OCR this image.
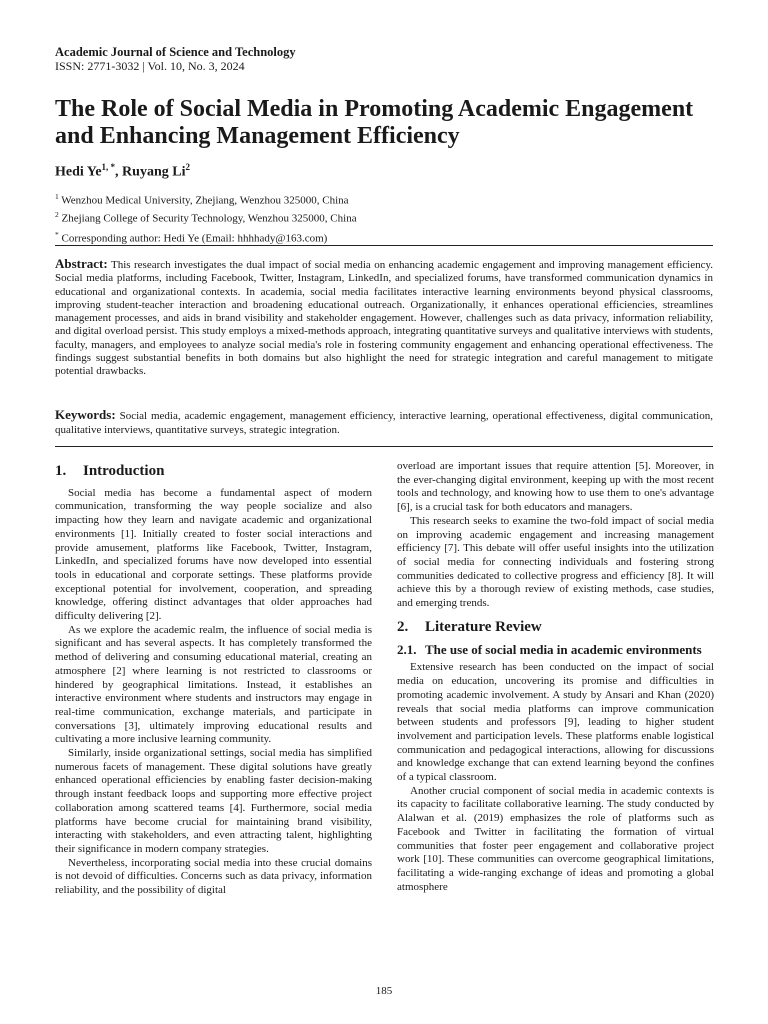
Academic Journal of Science and Technology
ISSN: 2771-3032 | Vol. 10, No. 3, 2024
The Role of Social Media in Promoting Academic Engagement and Enhancing Management Efficiency
Hedi $Ye^{1, *}$, Ruyang Li$^2$
$^1$ Wenzhou Medical University, Zhejiang, Wenzhou 325000, China
$^2$ Zhejiang College of Security Technology, Wenzhou 325000, China
* Corresponding author: Hedi Ye (Email: hhhhady@163.com)

Abstract: This research investigates the dual impact of social media on enhancing academic engagement and improving management efficiency. Social media platforms, including Facebook, Twitter, Instagram, LinkedIn, and specialized forums, have transformed communication dynamics in educational and organizational contexts. In academia, social media facilitates interactive learning environments beyond physical classrooms, improving student-teacher interaction and broadening educational outreach. Organizationally, it enhances operational efficiencies, streamlines management processes, and aids in brand visibility and stakeholder engagement. However, challenges such as data privacy, information reliability, and digital overload persist. This study employs a mixed-methods approach, integrating quantitative surveys and qualitative interviews with students, faculty, managers, and employees to analyze social media's role in fostering community engagement and enhancing operational effectiveness. The findings suggest substantial benefits in both domains but also highlight the need for strategic integration and careful management to mitigate potential drawbacks.

Keywords: Social media, academic engagement, management efficiency, interactive learning, operational effectiveness, digital communication, qualitative interviews, quantitative surveys, strategic integration.

1.	Introduction

Social media has become a fundamental aspect of modern communication, transforming the way people socialize and also impacting how they learn and navigate academic and organizational environments [1]. Initially created to foster social interactions and provide amusement, platforms like Facebook, Twitter, Instagram, LinkedIn, and specialized forums have now developed into essential tools in educational and corporate settings. These platforms provide exceptional potential for involvement, cooperation, and spreading knowledge, offering distinct advantages that older approaches had difficulty delivering [2].

As we explore the academic realm, the influence of social media is significant and has several aspects. It has completely transformed the method of delivering and consuming educational material, creating an atmosphere [2] where learning is not restricted to classrooms or hindered by geographical limitations. Instead, it establishes an interactive environment where students and instructors may engage in real-time communication, exchange materials, and participate in conversations [3], ultimately improving educational results and cultivating a more inclusive learning community.

Similarly, inside organizational settings, social media has simplified numerous facets of management. These digital solutions have greatly enhanced operational efficiencies by enabling faster decision-making through instant feedback loops and supporting more effective project collaboration among scattered teams [4]. Furthermore, social media platforms have become crucial for maintaining brand visibility, interacting with stakeholders, and even attracting talent, highlighting their significance in modern company strategies.

Nevertheless, incorporating social media into these crucial domains is not devoid of difficulties. Concerns such as data privacy, information reliability, and the possibility of digital

overload are important issues that require attention [5]. Moreover, in the ever-changing digital environment, keeping up with the most recent tools and technology, and knowing how to use them to one's advantage [6], is a crucial task for both educators and managers.

This research seeks to examine the two-fold impact of social media on improving academic engagement and increasing management efficiency [7]. This debate will offer useful insights into the utilization of social media for connecting individuals and fostering strong communities dedicated to collective progress and efficiency [8]. It will achieve this by a thorough review of existing methods, case studies, and emerging trends.

2.	Literature Review
2.1. The use of social media in academic environments

Extensive research has been conducted on the impact of social media on education, uncovering its promise and difficulties in promoting academic involvement. A study by Ansari and Khan (2020) reveals that social media platforms can improve communication between students and professors [9], leading to higher student involvement and participation levels. These platforms enable logistical communication and pedagogical interactions, allowing for discussions and knowledge exchange that can extend learning beyond the confines of a typical classroom.

Another crucial component of social media in academic contexts is its capacity to facilitate collaborative learning. The study conducted by Alalwan et al. (2019) emphasizes the role of platforms such as Facebook and Twitter in facilitating the formation of virtual communities that foster peer engagement and collaborative project work [10]. These communities can overcome geographical limitations, facilitating a wide-ranging exchange of ideas and promoting a global atmosphere

185
